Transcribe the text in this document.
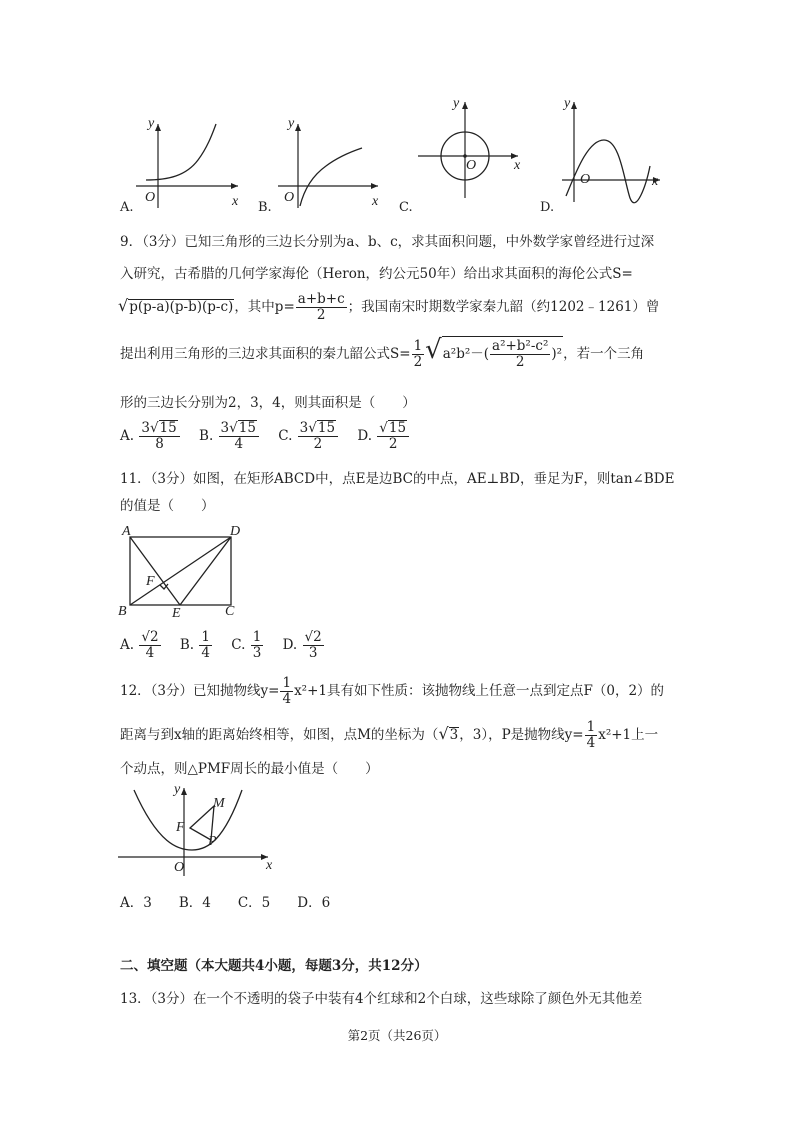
y
x
O
y
x
O
y
x
O
y
x
O
A.	B.	C.	D.
9．（3分）已知三角形的三边长分别为a、b、c，求其面积问题，中外数学家曾经进行过深
入研究，古希腊的几何学家海伦（Heron，约公元50年）给出求其面积的海伦公式S=
√p(p-a)(p-b)(p-c)，其中$p= \frac{a+b+c}{2}$ ；我国南宋时期数学家秦九韶（约1202﹣1261）曾
提出利用三角形的三边求其面积的秦九韶公式$S= \frac{1}{2} √a^2b^2-( \frac{\text{a²+b²-c²}}{2} )^2$，若一个三角
形的三边长分别为2，3，4，则其面积是（　　）
A. $\frac{3√15}{8} B$. $\frac{3√15}{4} C$. $\frac{3√15}{2} D$. $\frac{√15}{2}$
11．（3分）如图，在矩形ABCD中，点E是边BC的中点，AE⊥BD，垂足为F，则tan∠BDE
的值是（　　）
A	D
F
B	E	C
A. $\frac{√2}{4} B$. $\frac{1}{4} C$. $\frac{1}{3} D$. $\frac{√2}{3}$
12．（3分）已知抛物线$y= \frac{1}{4} x^2+1$具有如下性质：该抛物线上任意一点到定点F（0，2）的
距离与到x轴的距离始终相等，如图，点M的坐标为（√3，3），P是抛物线$y= \frac{1}{4} x^2+1$上一
个动点，则△PMF周长的最小值是（　　）
y
x
O
F
M
P
A．3　　B．4　　C．5　　D．6
二、填空题（本大题共4小题，每题3分，共12分）
13．（3分）在一个不透明的袋子中装有4个红球和2个白球，这些球除了颜色外无其他差
第2页（共26页）
